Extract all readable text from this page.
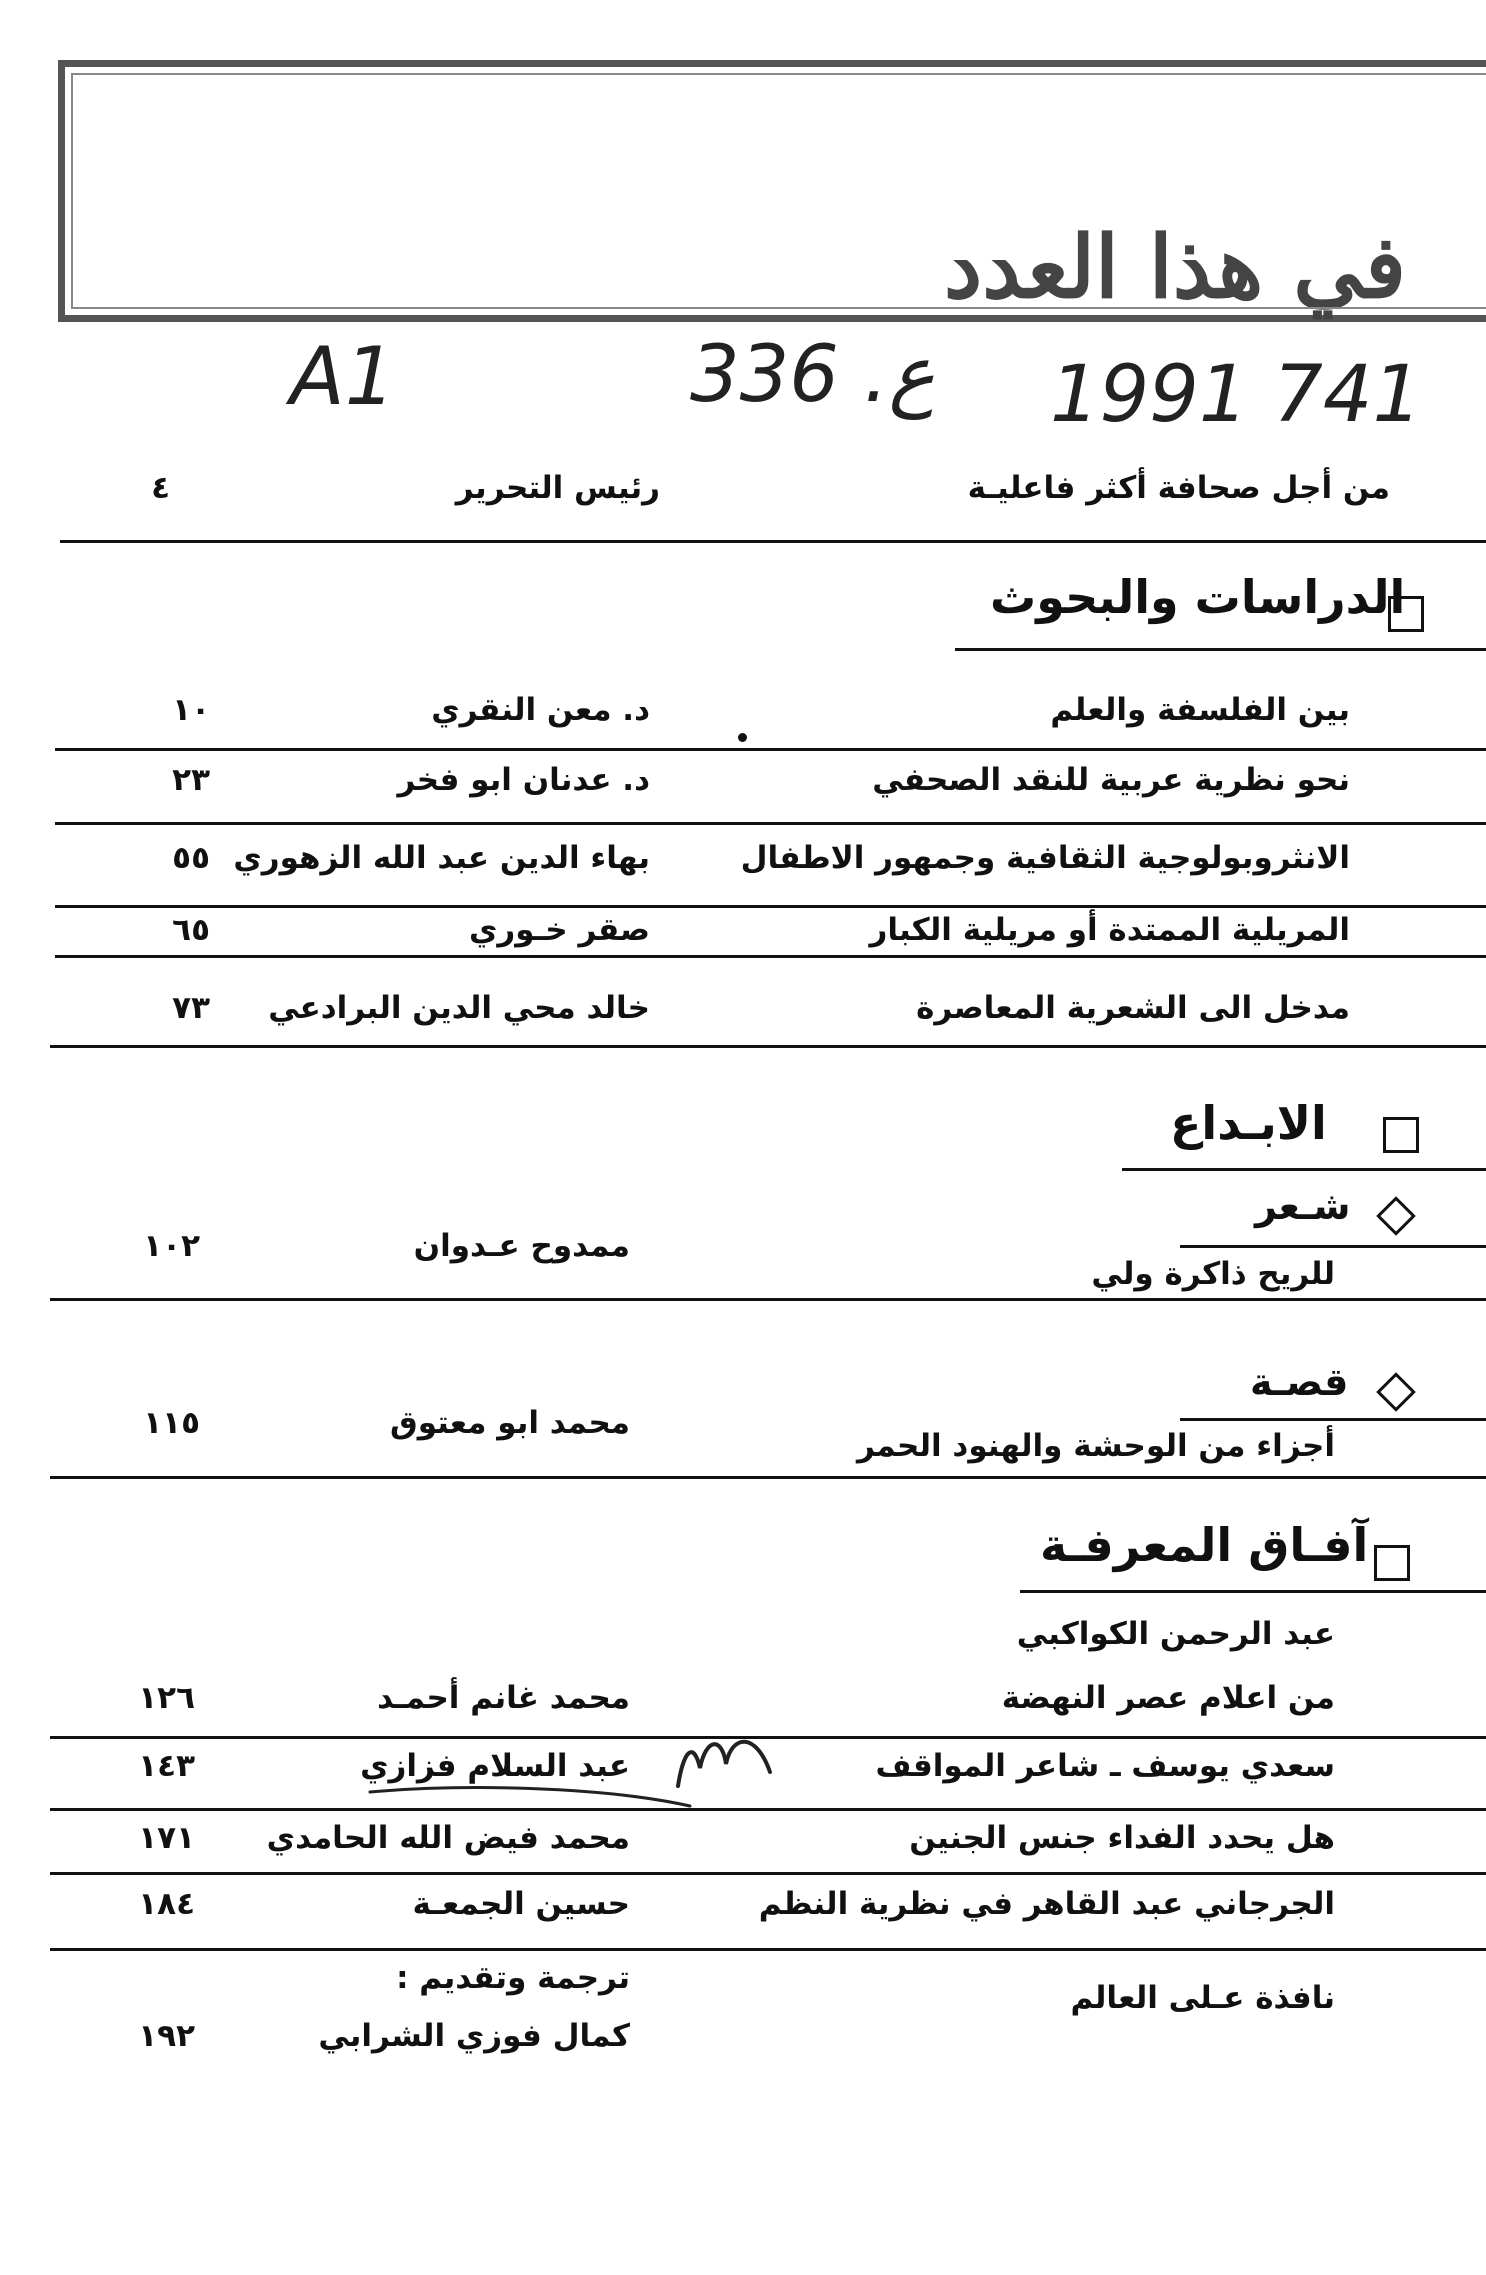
في هذا العدد
A1	336 .ع 1991 741
من أجل صحافة أكثر فاعليـة
رئيس التحرير
٤
الدراسات والبحوث
بين الفلسفة والعلم
د. معن النقري
١٠
نحو نظرية عربية للنقد الصحفي
د. عدنان ابو فخر
٢٣
الانثروبولوجية الثقافية وجمهور الاطفال
بهاء الدين عبد الله الزهوري
٥٥
المريلية الممتدة أو مريلية الكبار
صقر خـوري
٦٥
مدخل الى الشعرية المعاصرة
خالد محي الدين البرادعي
٧٣
الابـداع
شـعر
ممدوح عـدوان
١٠٢
للريح ذاكرة ولي
قصـة
محمد ابو معتوق
١١٥
أجزاء من الوحشة والهنود الحمر
آفـاق المعرفـة
عبد الرحمن الكواكبي
من اعلام عصر النهضة
محمد غانم أحمـد
١٢٦
سعدي يوسف ـ شاعر المواقف
عبد السلام فزازي
١٤٣
هل يحدد الفداء جنس الجنين
محمد فيض الله الحامدي
١٧١
الجرجاني عبد القاهر في نظرية النظم
حسين الجمعـة
١٨٤
نافذة عـلى العالم
ترجمة وتقديم :
كمال فوزي الشرابي
١٩٢
